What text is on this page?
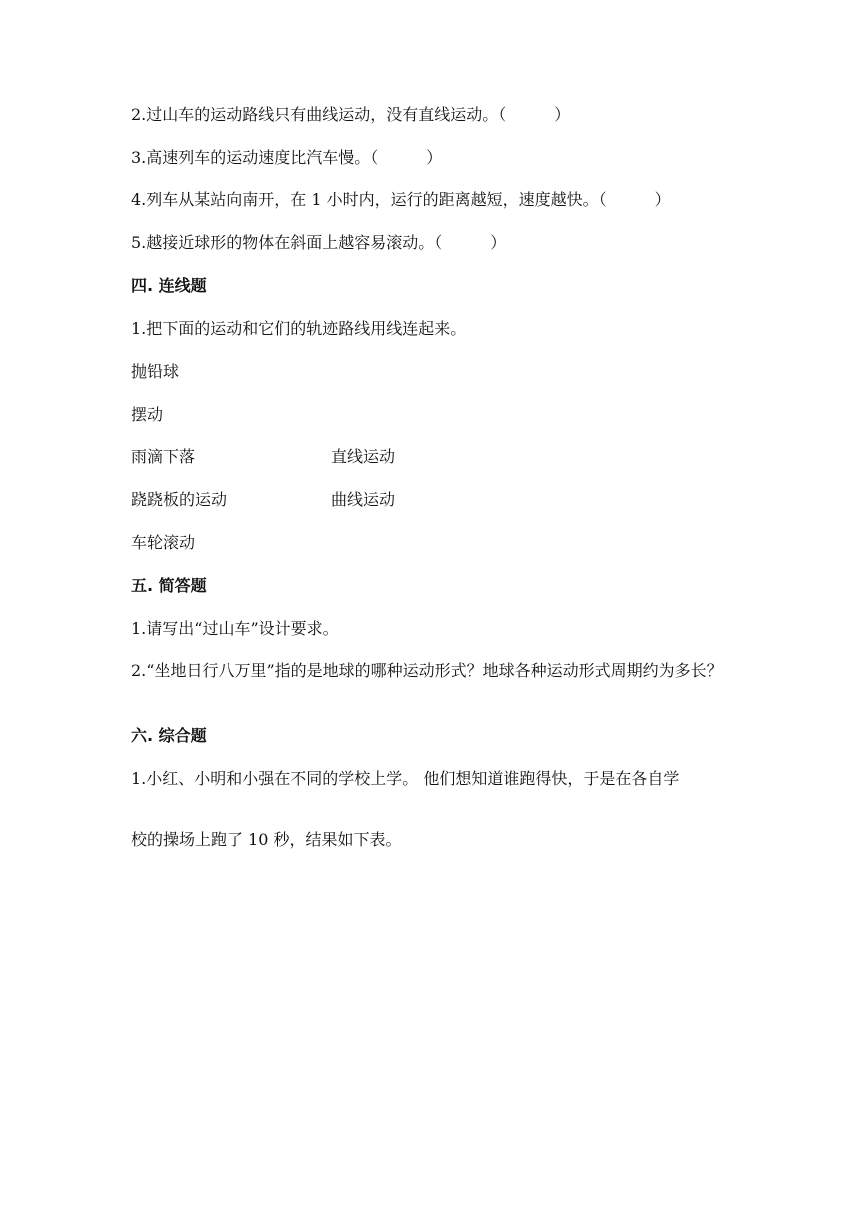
2.过山车的运动路线只有曲线运动，没有直线运动。（　　　）
3.高速列车的运动速度比汽车慢。（　　　）
4.列车从某站向南开，在 1 小时内，运行的距离越短，速度越快。（　　　）
5.越接近球形的物体在斜面上越容易滚动。（　　　）
四. 连线题
1.把下面的运动和它们的轨迹路线用线连起来。
抛铅球
摆动
雨滴下落	直线运动
跷跷板的运动	曲线运动
车轮滚动
五. 简答题
1.请写出“过山车”设计要求。
2.“坐地日行八万里”指的是地球的哪种运动形式？地球各种运动形式周期约为多长？
六. 综合题
1.小红、小明和小强在不同的学校上学。 他们想知道谁跑得快，于是在各自学
校的操场上跑了 10 秒，结果如下表。
